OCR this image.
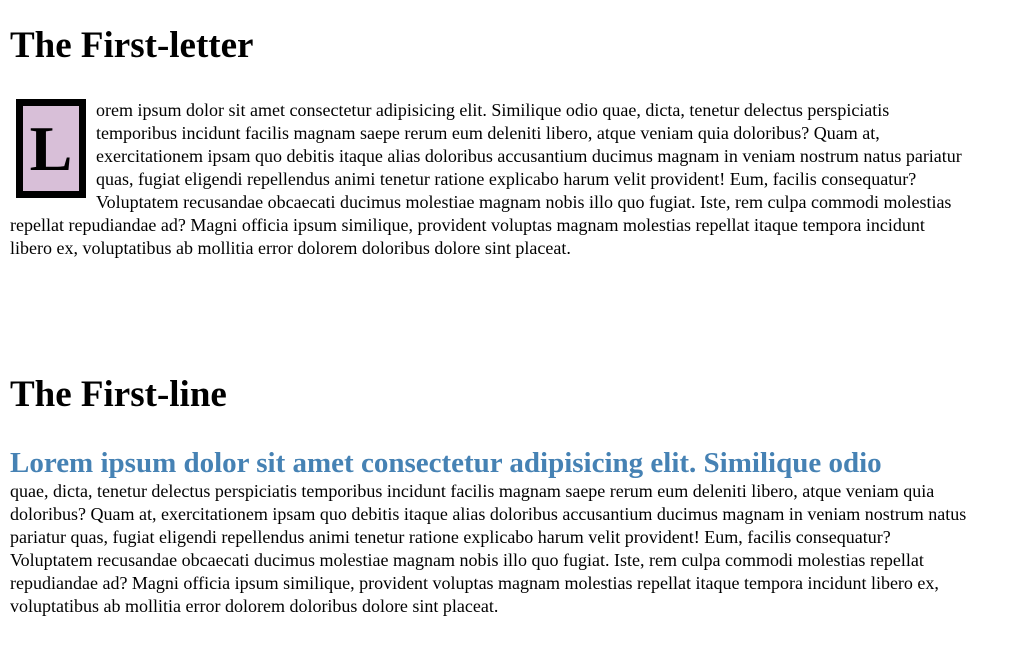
The First-letter

L
orem ipsum dolor sit amet consectetur adipisicing elit. Similique odio quae, dicta, tenetur delectus perspiciatis temporibus incidunt facilis magnam saepe rerum eum deleniti libero, atque veniam quia doloribus? Quam at, exercitationem ipsam quo debitis itaque alias doloribus accusantium ducimus magnam in veniam nostrum natus pariatur quas, fugiat eligendi repellendus animi tenetur ratione explicabo harum velit provident! Eum, facilis consequatur? Voluptatem recusandae obcaecati ducimus molestiae magnam nobis illo quo fugiat. Iste, rem culpa commodi molestias repellat repudiandae ad? Magni officia ipsum similique, provident voluptas magnam molestias repellat itaque tempora incidunt libero ex, voluptatibus ab mollitia error dolorem doloribus dolore sint placeat.

The First-line

Lorem ipsum dolor sit amet consectetur adipisicing elit. Similique odio
quae, dicta, tenetur delectus perspiciatis temporibus incidunt facilis magnam saepe rerum eum deleniti libero, atque veniam quia doloribus? Quam at, exercitationem ipsam quo debitis itaque alias doloribus accusantium ducimus magnam in veniam nostrum natus pariatur quas, fugiat eligendi repellendus animi tenetur ratione explicabo harum velit provident! Eum, facilis consequatur? Voluptatem recusandae obcaecati ducimus molestiae magnam nobis illo quo fugiat. Iste, rem culpa commodi molestias repellat repudiandae ad? Magni officia ipsum similique, provident voluptas magnam molestias repellat itaque tempora incidunt libero ex, voluptatibus ab mollitia error dolorem doloribus dolore sint placeat.
